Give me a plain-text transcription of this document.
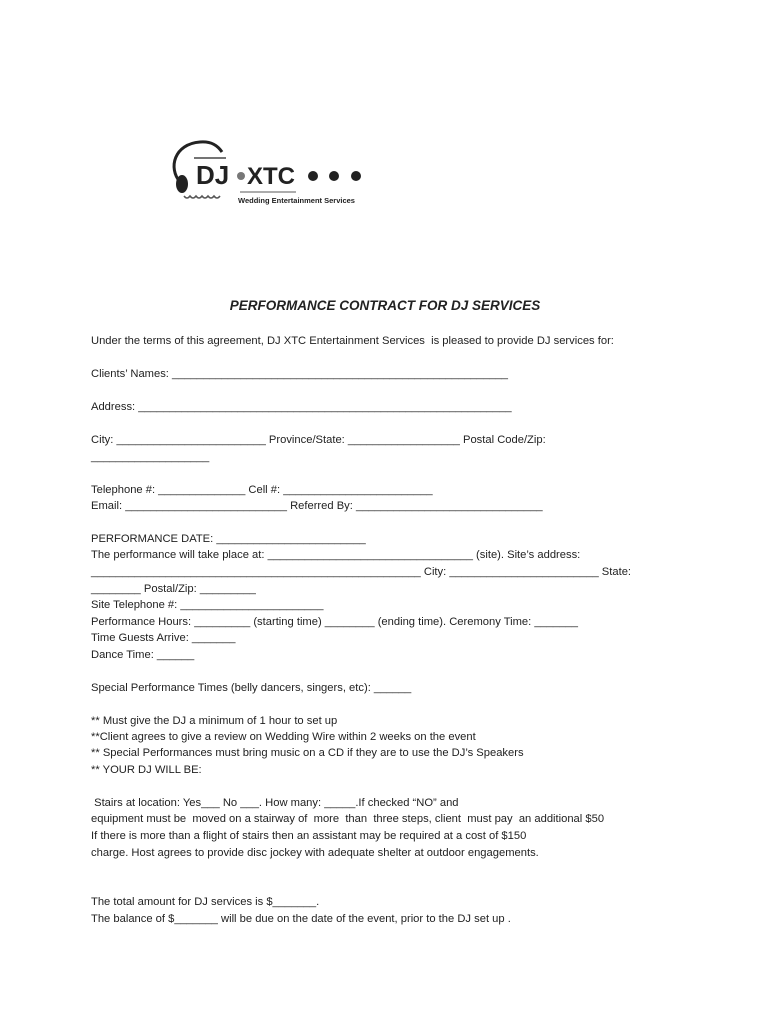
DJ XTC
Wedding Entertainment Services
PERFORMANCE CONTRACT FOR DJ SERVICES
Under the terms of this agreement, DJ XTC Entertainment Services  is pleased to provide DJ services for:
Clients’ Names: ______________________________________________________
Address: ____________________________________________________________
City: ________________________ Province/State: __________________ Postal Code/Zip:
___________________
Telephone #: ______________ Cell #: ________________________
Email: __________________________ Referred By: ______________________________
PERFORMANCE DATE: ________________________
The performance will take place at: _________________________________ (site). Site’s address:
_____________________________________________________ City: ________________________ State:
________ Postal/Zip: _________
Site Telephone #: _______________________
Performance Hours: _________ (starting time) ________ (ending time). Ceremony Time: _______
Time Guests Arrive: _______
Dance Time: ______
Special Performance Times (belly dancers, singers, etc): ______
** Must give the DJ a minimum of 1 hour to set up
**Client agrees to give a review on Wedding Wire within 2 weeks on the event
** Special Performances must bring music on a CD if they are to use the DJ’s Speakers
** YOUR DJ WILL BE:
Stairs at location: Yes___ No ___. How many: _____.If checked “NO” and
equipment must be  moved on a stairway of  more  than  three steps, client  must pay  an additional $50
If there is more than a flight of stairs then an assistant may be required at a cost of $150
charge. Host agrees to provide disc jockey with adequate shelter at outdoor engagements.
The total amount for DJ services is $_______.
The balance of $_______ will be due on the date of the event, prior to the DJ set up .
